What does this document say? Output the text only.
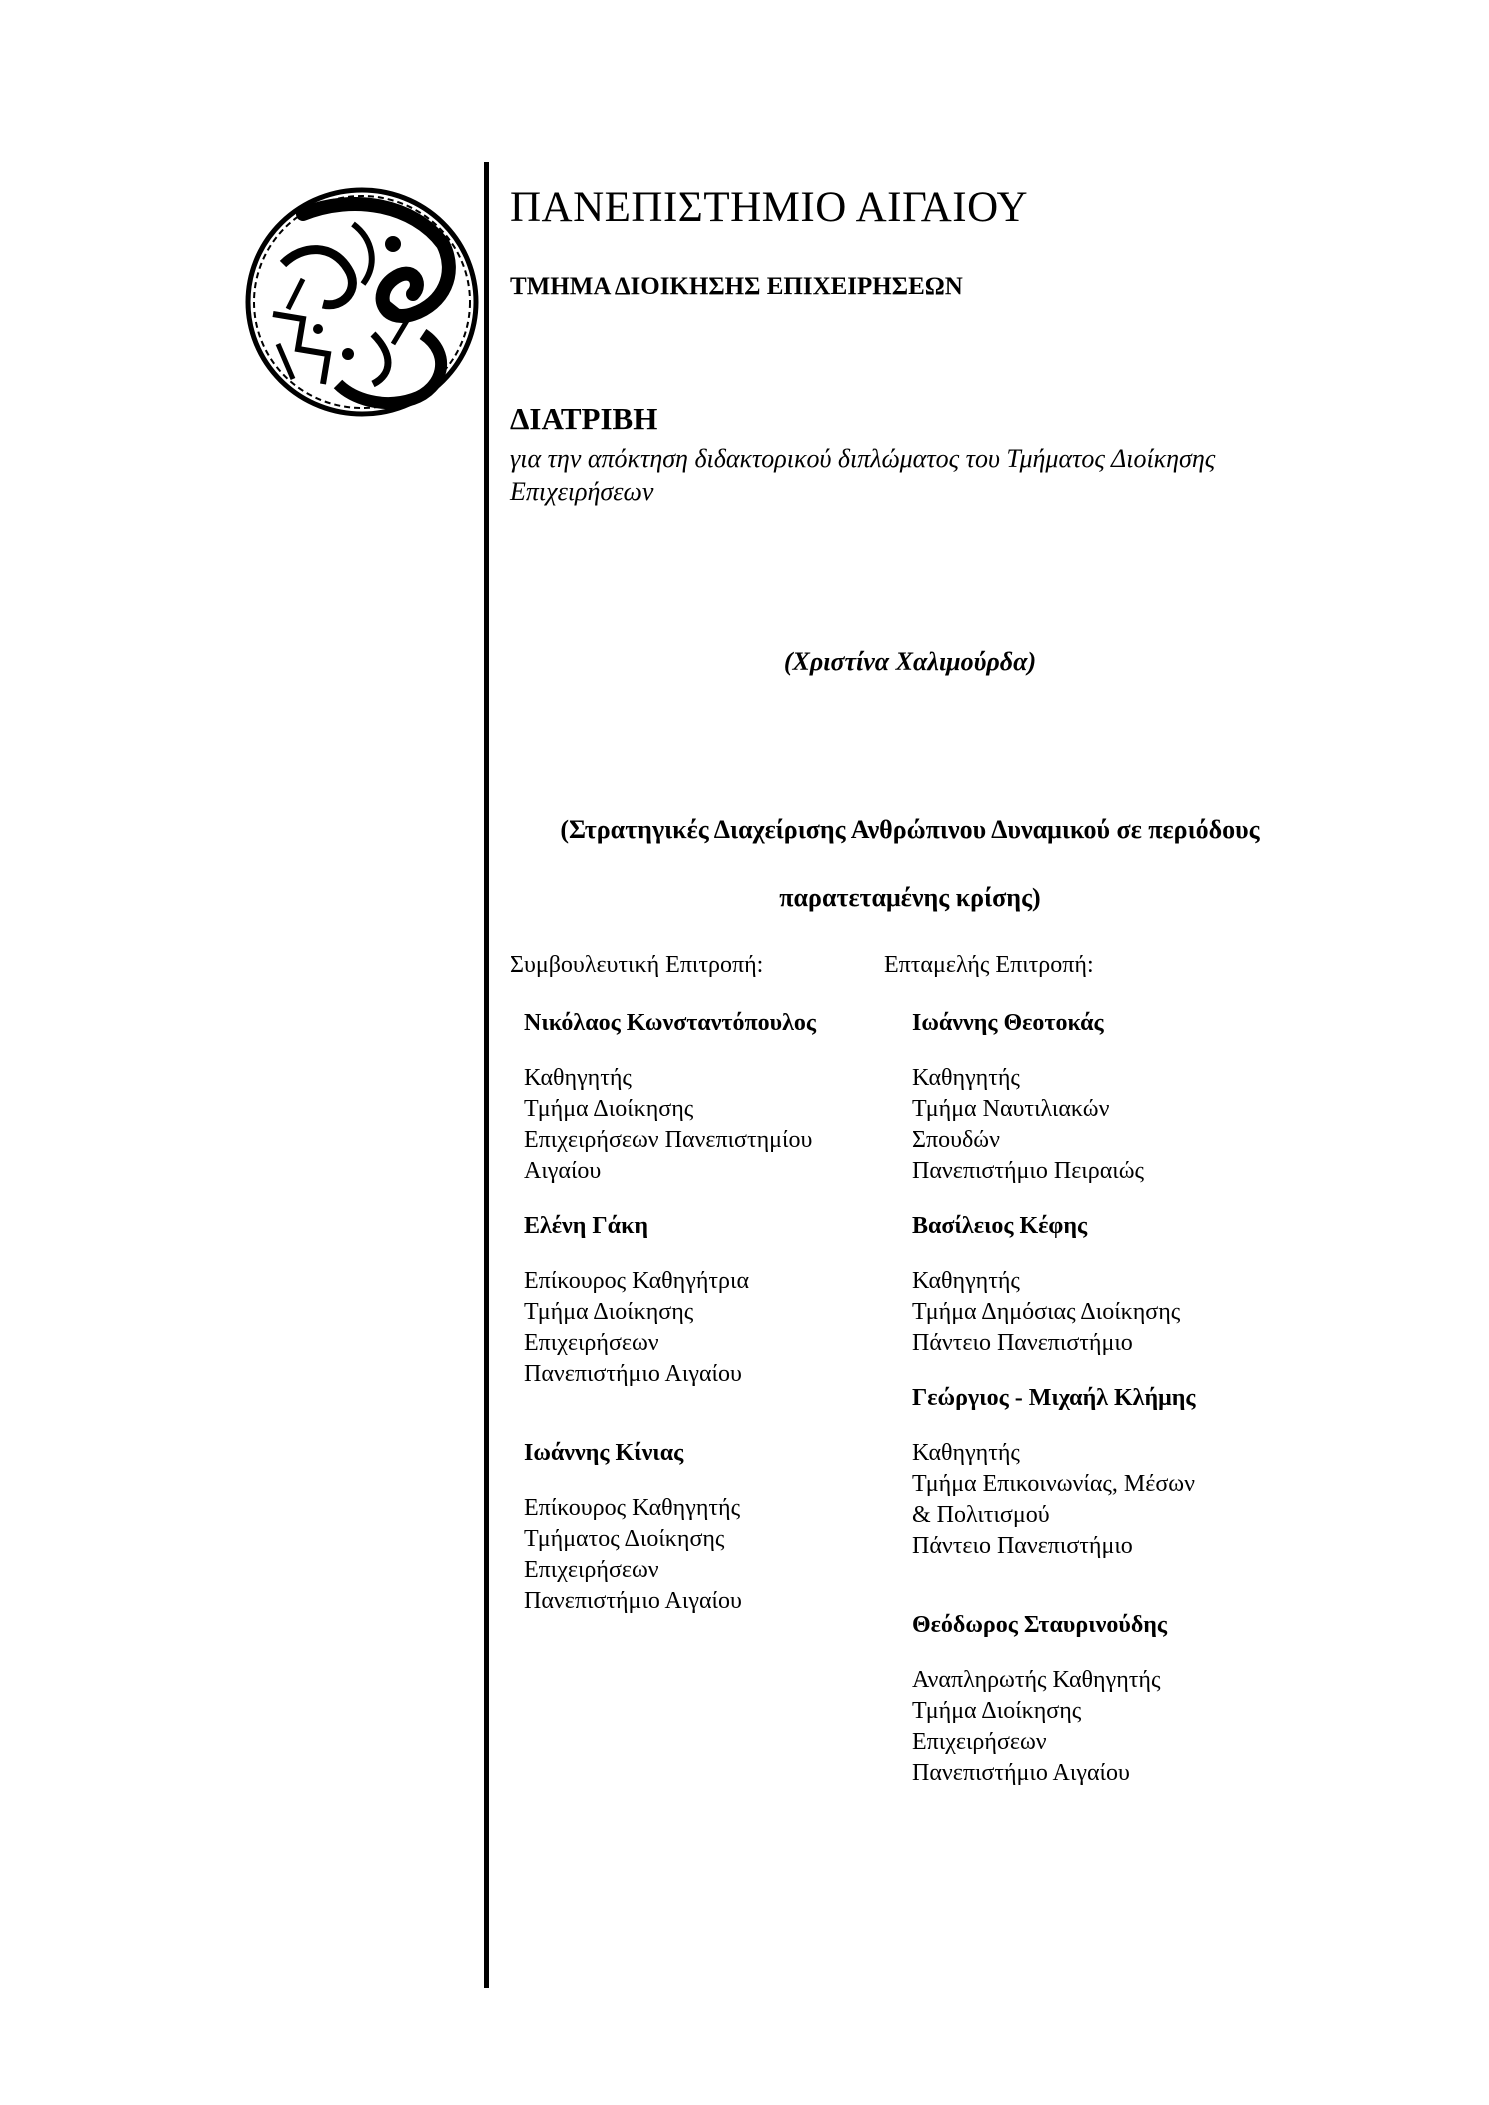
ΠΑΝΕΠΙΣΤΗΜΙΟ ΑΙΓΑΙΟΥ
ΤΜΗΜΑ ΔΙΟΙΚΗΣΗΣ ΕΠΙΧΕΙΡΗΣΕΩΝ
ΔΙΑΤΡΙΒΗ
για την απόκτηση διδακτορικού διπλώματος του Τμήματος Διοίκησης Επιχειρήσεων
(Χριστίνα Χαλιμούρδα)
(Στρατηγικές Διαχείρισης Ανθρώπινου Δυναμικού σε περιόδους παρατεταμένης κρίσης)
Συμβουλευτική Επιτροπή:	Επταμελής Επιτροπή:
Νικόλαος Κωνσταντόπουλος
Καθηγητής
Τμήμα Διοίκησης
Επιχειρήσεων Πανεπιστημίου
Αιγαίου
Ελένη Γάκη
Επίκουρος Καθηγήτρια
Τμήμα Διοίκησης
Επιχειρήσεων
Πανεπιστήμιο Αιγαίου
Ιωάννης Κίνιας
Επίκουρος Καθηγητής
Τμήματος Διοίκησης
Επιχειρήσεων
Πανεπιστήμιο Αιγαίου
Ιωάννης Θεοτοκάς
Καθηγητής
Τμήμα Ναυτιλιακών
Σπουδών
Πανεπιστήμιο Πειραιώς
Βασίλειος Κέφης
Καθηγητής
Τμήμα Δημόσιας Διοίκησης
Πάντειο Πανεπιστήμιο
Γεώργιος - Μιχαήλ Κλήμης
Καθηγητής
Τμήμα Επικοινωνίας, Μέσων
& Πολιτισμού
Πάντειο Πανεπιστήμιο
Θεόδωρος Σταυρινούδης
Αναπληρωτής Καθηγητής
Τμήμα Διοίκησης
Επιχειρήσεων
Πανεπιστήμιο Αιγαίου
